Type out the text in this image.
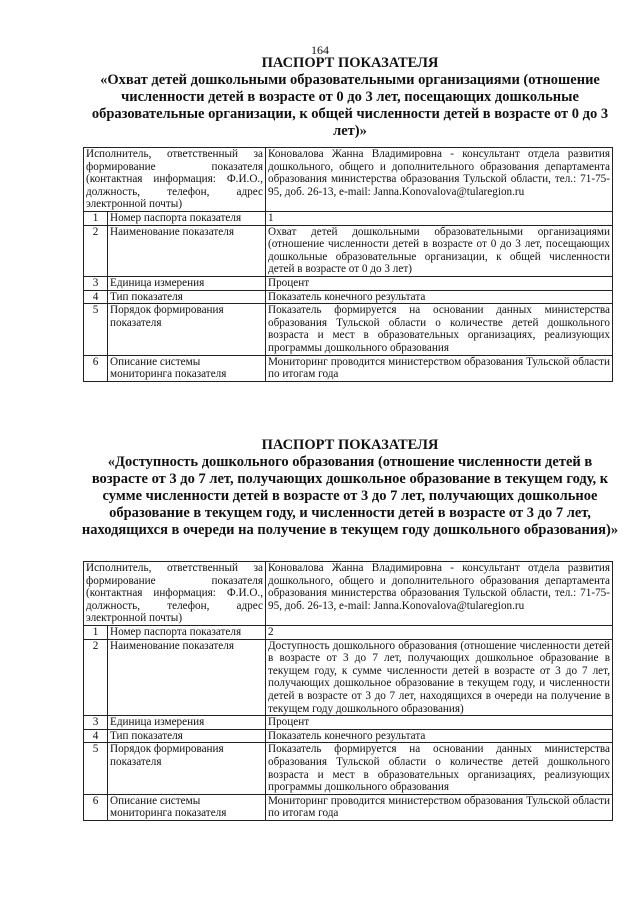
164
ПАСПОРТ ПОКАЗАТЕЛЯ
«Охват детей дошкольными образовательными организациями (отношение численности детей в возрасте от 0 до 3 лет, посещающих дошкольные образовательные организации, к общей численности детей в возрасте от 0 до 3 лет)»
Исполнитель, ответственный за формирование показателя (контактная информация: Ф.И.О., должность, телефон, адрес электронной почты)		Коновалова Жанна Владимировна - консультант отдела развития дошкольного, общего и дополнительного образования департамента образования министерства образования Тульской области, тел.: 71-75-95, доб. 26-13, e-mail: Janna.Konovalova@tularegion.ru
1	Номер паспорта показателя	1
2	Наименование показателя	Охват детей дошкольными образовательными организациями (отношение численности детей в возрасте от 0 до 3 лет, посещающих дошкольные образовательные организации, к общей численности детей в возрасте от 0 до 3 лет)
3	Единица измерения	Процент
4	Тип показателя	Показатель конечного результата
5	Порядок формирования показателя	Показатель формируется на основании данных министерства образования Тульской области о количестве детей дошкольного возраста и мест в образовательных организациях, реализующих программы дошкольного образования
6	Описание системы мониторинга показателя	Мониторинг проводится министерством образования Тульской области по итогам года
ПАСПОРТ ПОКАЗАТЕЛЯ
«Доступность дошкольного образования (отношение численности детей в возрасте от 3 до 7 лет, получающих дошкольное образование в текущем году, к сумме численности детей в возрасте от 3 до 7 лет, получающих дошкольное образование в текущем году, и численности детей в возрасте от 3 до 7 лет, находящихся в очереди на получение в текущем году дошкольного образования)»
Исполнитель, ответственный за формирование показателя (контактная информация: Ф.И.О., должность, телефон, адрес электронной почты)		Коновалова Жанна Владимировна - консультант отдела развития дошкольного, общего и дополнительного образования департамента образования министерства образования Тульской области, тел.: 71-75-95, доб. 26-13, e-mail: Janna.Konovalova@tularegion.ru
1	Номер паспорта показателя	2
2	Наименование показателя	Доступность дошкольного образования (отношение численности детей в возрасте от 3 до 7 лет, получающих дошкольное образование в текущем году, к сумме численности детей в возрасте от 3 до 7 лет, получающих дошкольное образование в текущем году, и численности детей в возрасте от 3 до 7 лет, находящихся в очереди на получение в текущем году дошкольного образования)
3	Единица измерения	Процент
4	Тип показателя	Показатель конечного результата
5	Порядок формирования показателя	Показатель формируется на основании данных министерства образования Тульской области о количестве детей дошкольного возраста и мест в образовательных организациях, реализующих программы дошкольного образования
6	Описание системы мониторинга показателя	Мониторинг проводится министерством образования Тульской области по итогам года
